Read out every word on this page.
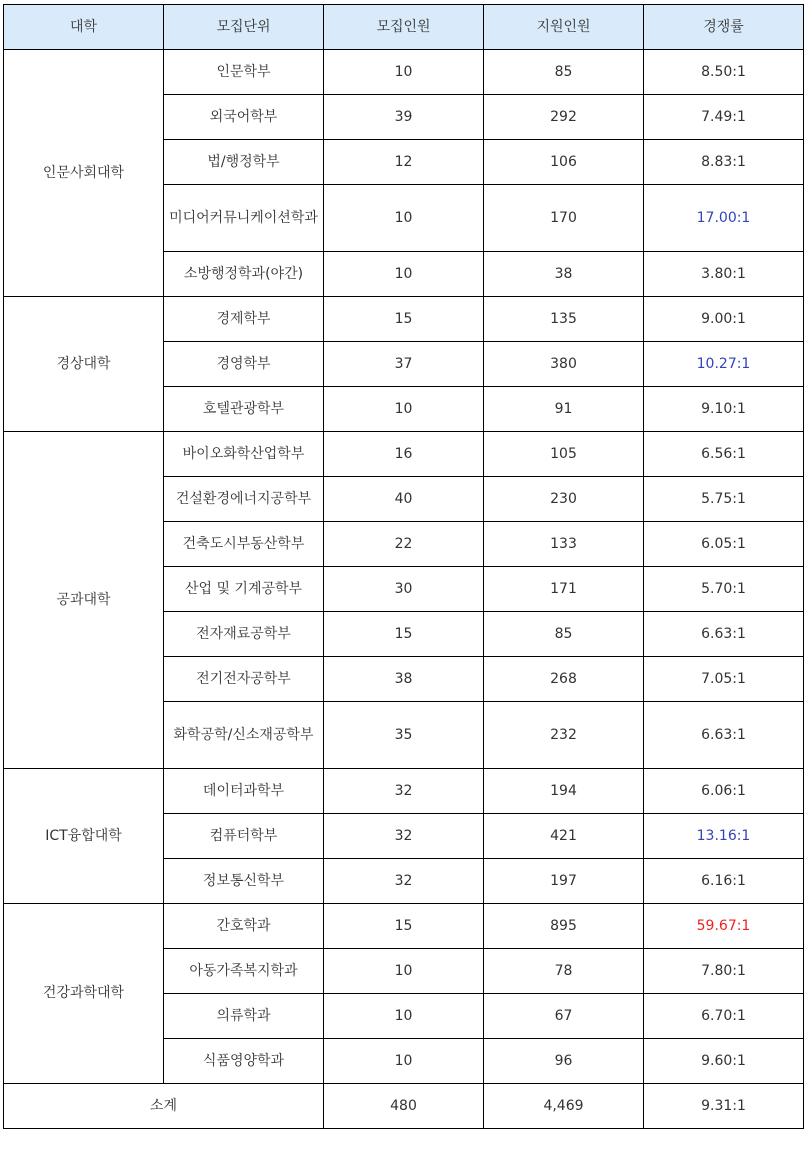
대학	모집단위	모집인원	지원인원	경쟁률
인문사회대학	인문학부	10	85	8.50:1
	외국어학부	39	292	7.49:1
	법/행정학부	12	106	8.83:1
	미디어커뮤니케이션학과	10	170	17.00:1
	소방행정학과(야간)	10	38	3.80:1
경상대학	경제학부	15	135	9.00:1
	경영학부	37	380	10.27:1
	호텔관광학부	10	91	9.10:1
공과대학	바이오화학산업학부	16	105	6.56:1
	건설환경에너지공학부	40	230	5.75:1
	건축도시부동산학부	22	133	6.05:1
	산업 및 기계공학부	30	171	5.70:1
	전자재료공학부	15	85	6.63:1
	전기전자공학부	38	268	7.05:1
	화학공학/신소재공학부	35	232	6.63:1
ICT융합대학	데이터과학부	32	194	6.06:1
	컴퓨터학부	32	421	13.16:1
	정보통신학부	32	197	6.16:1
건강과학대학	간호학과	15	895	59.67:1
	아동가족복지학과	10	78	7.80:1
	의류학과	10	67	6.70:1
	식품영양학과	10	96	9.60:1
소계		480	4,469	9.31:1
